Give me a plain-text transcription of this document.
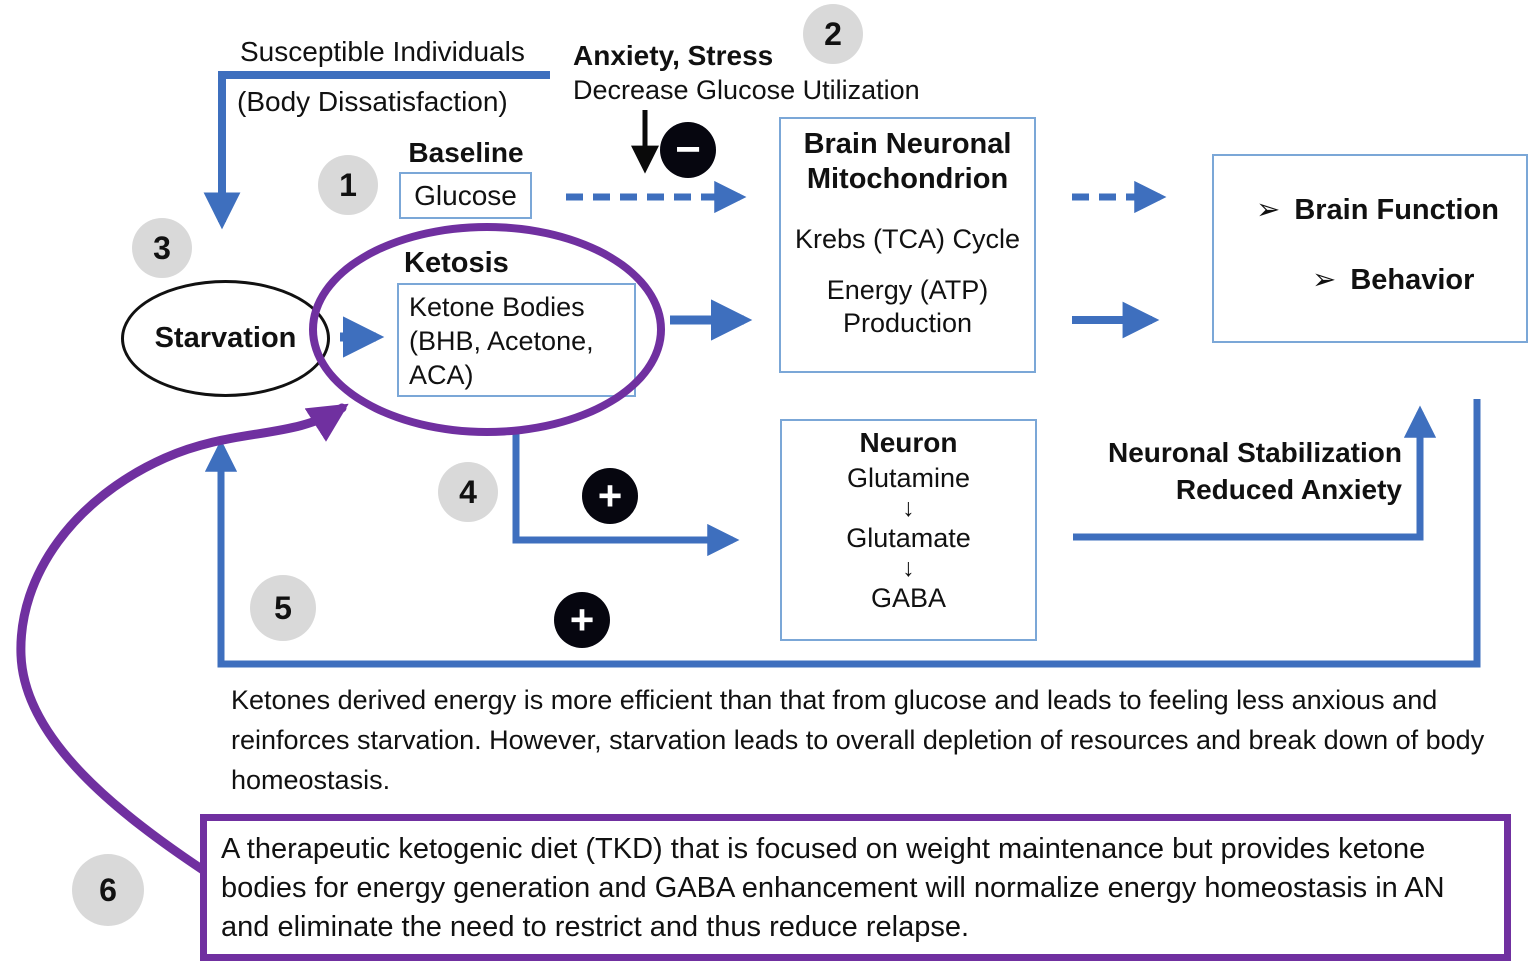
Susceptible Individuals
(Body Dissatisfaction)
Anxiety, Stress
Decrease Glucose Utilization
Baseline
Glucose
Ketosis
Ketone Bodies (BHB, Acetone, ACA)
Starvation
Brain Neuronal Mitochondrion
Krebs (TCA) Cycle
Energy (ATP) Production
➢ Brain Function
➢ Behavior
Neuron
Glutamine
↓
Glutamate
↓
GABA
Neuronal Stabilization
Reduced Anxiety
1
2
3
4
5
6
−
+
+
Ketones derived energy is more efficient than that from glucose and leads to feeling less anxious and reinforces starvation. However, starvation leads to overall depletion of resources and break down of body homeostasis.
A therapeutic ketogenic diet (TKD) that is focused on weight maintenance but provides ketone bodies for energy generation and GABA enhancement will normalize energy homeostasis in AN and eliminate the need to restrict and thus reduce relapse.
